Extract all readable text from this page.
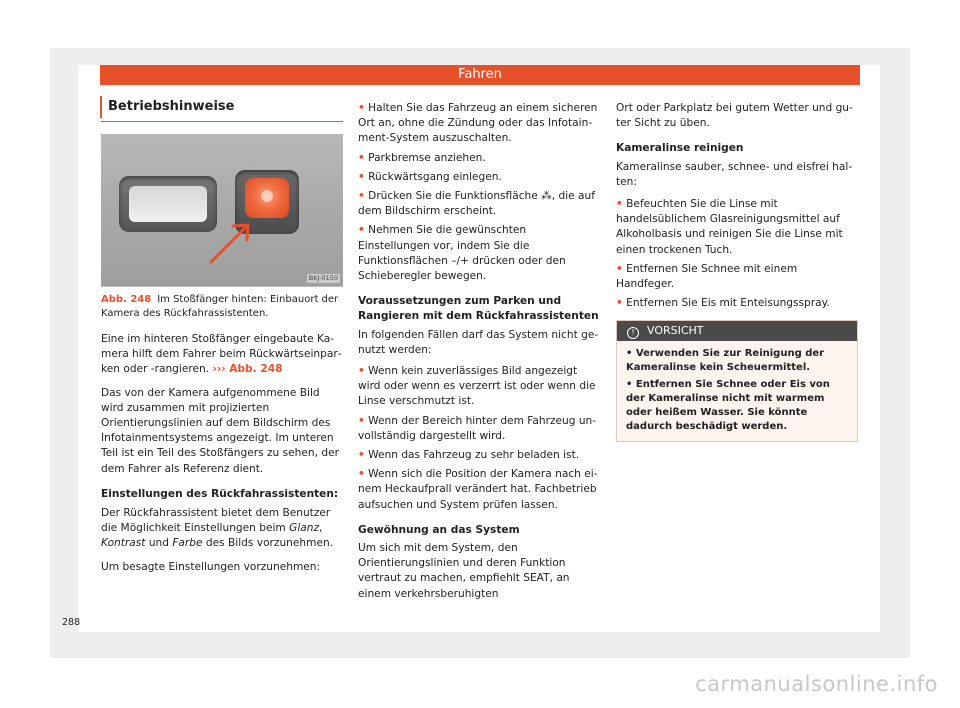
Fahren
Betriebshinweise
BKJ-0150
Abb. 248 Im Stoßfänger hinten: Einbauort der Kamera des Rückfahrassistenten.
Eine im hinteren Stoßfänger eingebaute Kamera hilft dem Fahrer beim Rückwärtseinparken oder -rangieren. ››› Abb. 248
Das von der Kamera aufgenommene Bild wird zusammen mit projizierten Orientierungslinien auf dem Bildschirm des Infotainmentsystems angezeigt. Im unteren Teil ist ein Teil des Stoßfängers zu sehen, der dem Fahrer als Referenz dient.
Einstellungen des Rückfahrassistenten:
Der Rückfahrassistent bietet dem Benutzer die Möglichkeit Einstellungen beim Glanz, Kontrast und Farbe des Bilds vorzunehmen.
Um besagte Einstellungen vorzunehmen:
• Halten Sie das Fahrzeug an einem sicheren Ort an, ohne die Zündung oder das Infotainment-System auszuschalten.
• Parkbremse anziehen.
• Rückwärtsgang einlegen.
• Drücken Sie die Funktionsfläche ⁂, die auf dem Bildschirm erscheint.
• Nehmen Sie die gewünschten Einstellungen vor, indem Sie die Funktionsflächen –/+ drücken oder den Schieberegler bewegen.
Voraussetzungen zum Parken und Rangieren mit dem Rückfahrassistenten
In folgenden Fällen darf das System nicht genutzt werden:
• Wenn kein zuverlässiges Bild angezeigt wird oder wenn es verzerrt ist oder wenn die Linse verschmutzt ist.
• Wenn der Bereich hinter dem Fahrzeug unvollständig dargestellt wird.
• Wenn das Fahrzeug zu sehr beladen ist.
• Wenn sich die Position der Kamera nach einem Heckaufprall verändert hat. Fachbetrieb aufsuchen und System prüfen lassen.
Gewöhnung an das System
Um sich mit dem System, den Orientierungslinien und deren Funktion vertraut zu machen, empfiehlt SEAT, an einem verkehrsberuhigten
Ort oder Parkplatz bei gutem Wetter und guter Sicht zu üben.
Kameralinse reinigen
Kameralinse sauber, schnee- und eisfrei halten:
• Befeuchten Sie die Linse mit handelsüblichem Glasreinigungsmittel auf Alkoholbasis und reinigen Sie die Linse mit einen trockenen Tuch.
• Entfernen Sie Schnee mit einem Handfeger.
• Entfernen Sie Eis mit Enteisungsspray.
! VORSICHT
• Verwenden Sie zur Reinigung der Kameralinse kein Scheuermittel.
• Entfernen Sie Schnee oder Eis von der Kameralinse nicht mit warmem oder heißem Wasser. Sie könnte dadurch beschädigt werden.
288
carmanualsonline.info
